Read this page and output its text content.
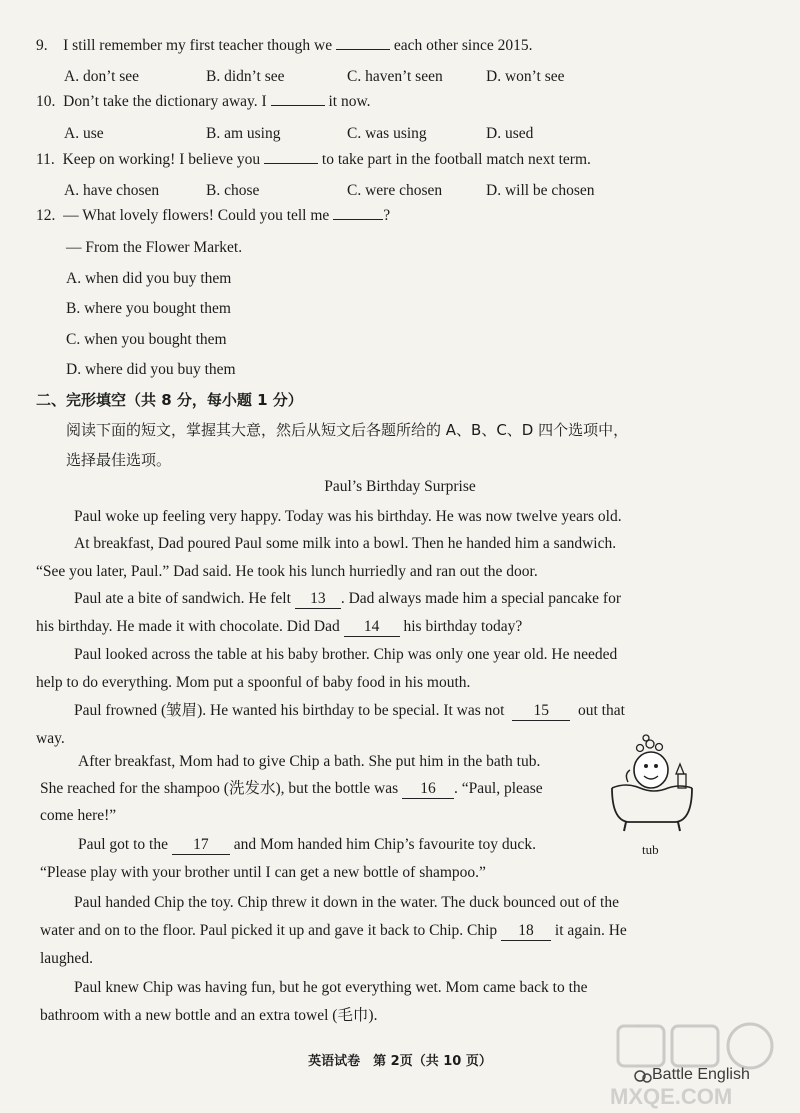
9. I still remember my first teacher though we	each other since 2015.
A. don’t see	B. didn’t see	C. haven’t seen	D. won’t see
10. Don’t take the dictionary away. I	it now.
A. use	B. am using	C. was using	D. used
11. Keep on working! I believe you	to take part in the football match next term.
A. have chosen	B. chose	C. were chosen	D. will be chosen
12. — What lovely flowers! Could you tell me	?
— From the Flower Market.
A. when did you buy them
B. where you bought them
C. when you bought them
D. where did you buy them
二、完形填空（共 8 分，每小题 1 分）
阅读下面的短文，掌握其大意，然后从短文后各题所给的 A、B、C、D 四个选项中，
选择最佳选项。
Paul’s Birthday Surprise
Paul woke up feeling very happy. Today was his birthday. He was now twelve years old.
At breakfast, Dad poured Paul some milk into a bowl. Then he handed him a sandwich.
“See you later, Paul.” Dad said. He took his lunch hurriedly and ran out the door.
Paul ate a bite of sandwich. He felt 13 . Dad always made him a special pancake for
his birthday. He made it with chocolate. Did Dad 14 his birthday today?
Paul looked across the table at his baby brother. Chip was only one year old. He needed
help to do everything. Mom put a spoonful of baby food in his mouth.
Paul frowned (皱眉). He wanted his birthday to be special. It was not 15 out that
way.
After breakfast, Mom had to give Chip a bath. She put him in the bath tub.
She reached for the shampoo (洗发水), but the bottle was 16 . “Paul, please
come here!”
Paul got to the 17 and Mom handed him Chip’s favourite toy duck.
“Please play with your brother until I can get a new bottle of shampoo.”
tub
Paul handed Chip the toy. Chip threw it down in the water. The duck bounced out of the
water and on to the floor. Paul picked it up and gave it back to Chip. Chip 18 it again. He
laughed.
Paul knew Chip was having fun, but he got everything wet. Mom came back to the
bathroom with a new bottle and an extra towel (毛巾).
英语试卷　第 2页（共 10 页）
MXQE.COM
Battle English
